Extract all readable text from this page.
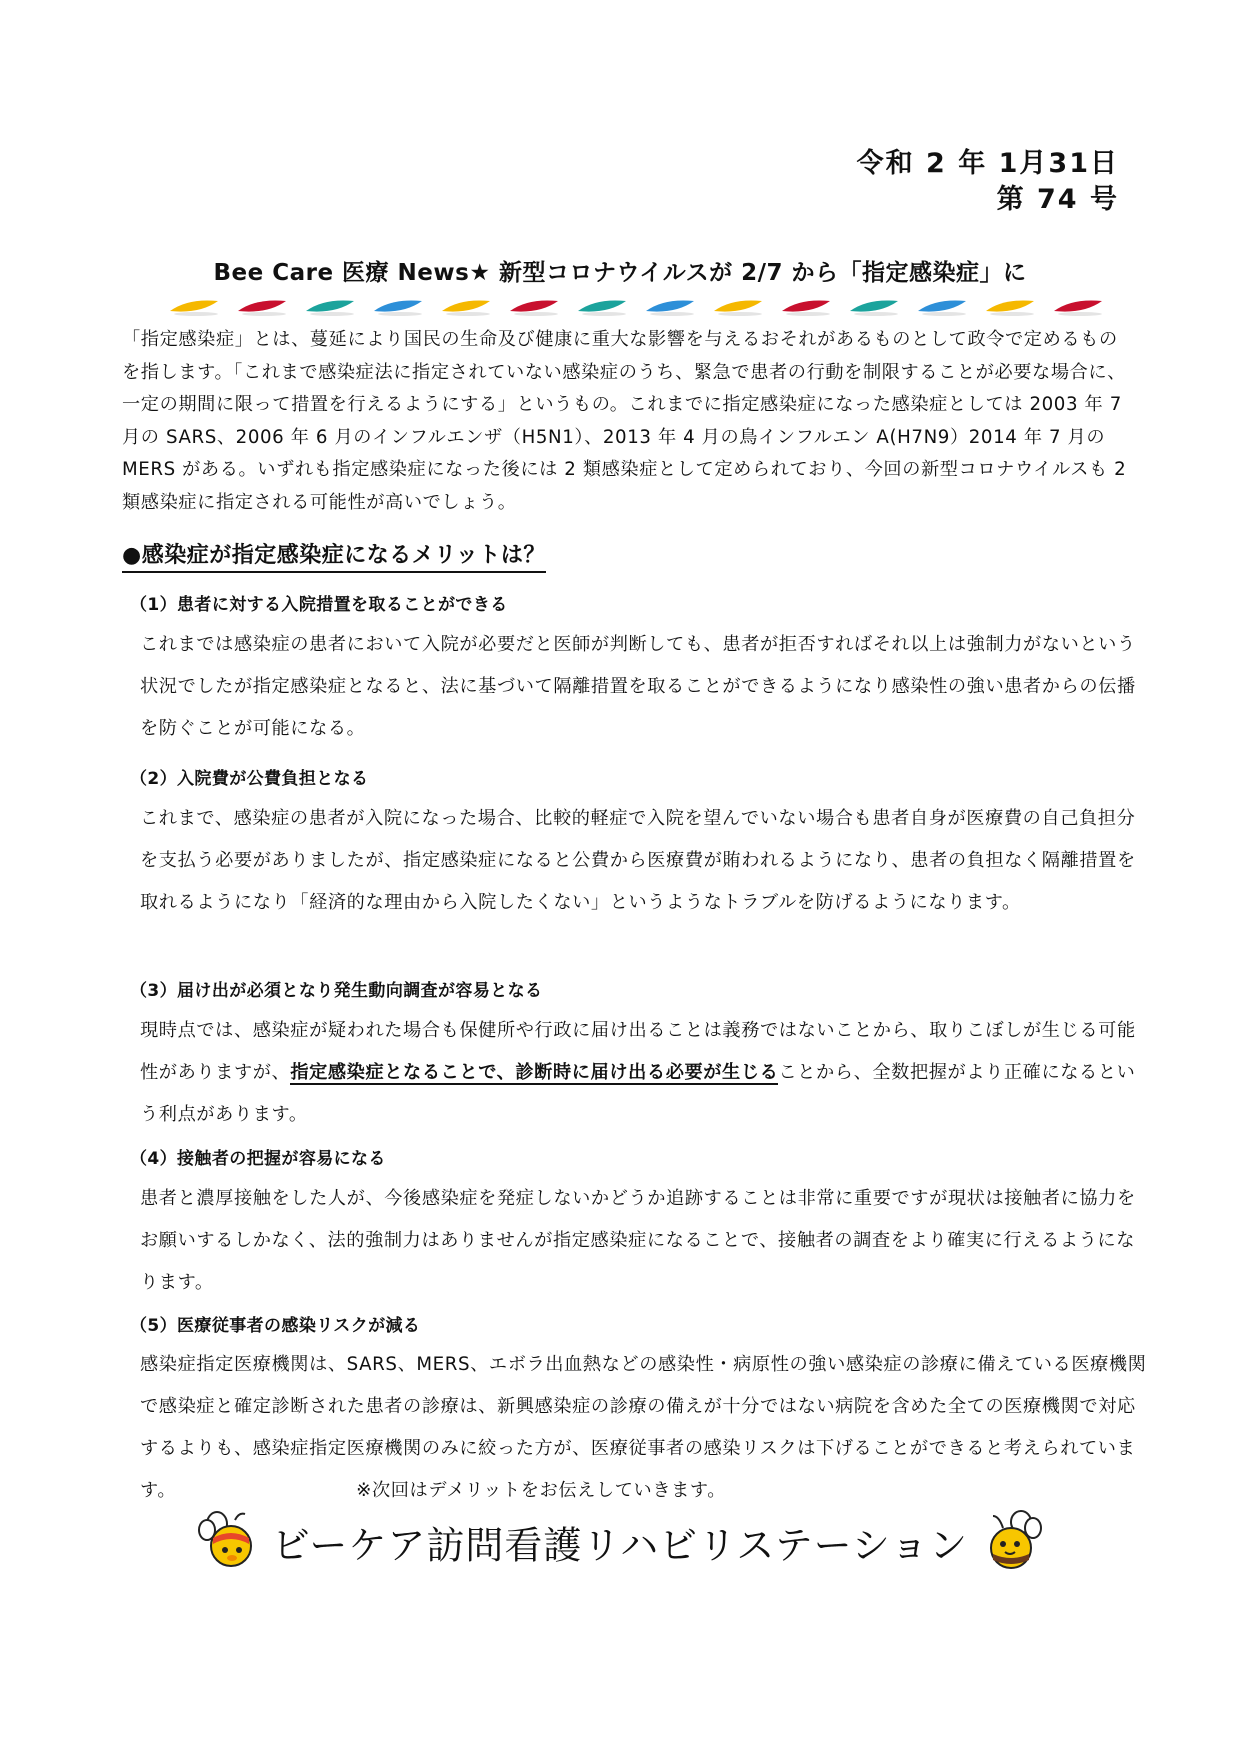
令和 2 年 1月31日
第 74 号
Bee Care 医療 News★ 新型コロナウイルスが 2/7 から「指定感染症」に

「指定感染症」とは、蔓延により国民の生命及び健康に重大な影響を与えるおそれがあるものとして政令で定めるものを指します。「これまで感染症法に指定されていない感染症のうち、緊急で患者の行動を制限することが必要な場合に、一定の期間に限って措置を行えるようにする」というもの。これまでに指定感染症になった感染症としては 2003 年 7 月の SARS、2006 年 6 月のインフルエンザ（H5N1）、2013 年 4 月の鳥インフルエン A(H7N9）2014 年 7 月の MERS がある。いずれも指定感染症になった後には 2 類感染症として定められており、今回の新型コロナウイルスも 2 類感染症に指定される可能性が高いでしょう。

●感染症が指定感染症になるメリットは？
（1）患者に対する入院措置を取ることができる

これまでは感染症の患者において入院が必要だと医師が判断しても、患者が拒否すればそれ以上は強制力がないという状況でしたが指定感染症となると、法に基づいて隔離措置を取ることができるようになり感染性の強い患者からの伝播を防ぐことが可能になる。

（2）入院費が公費負担となる

これまで、感染症の患者が入院になった場合、比較的軽症で入院を望んでいない場合も患者自身が医療費の自己負担分を支払う必要がありましたが、指定感染症になると公費から医療費が賄われるようになり、患者の負担なく隔離措置を取れるようになり「経済的な理由から入院したくない」というようなトラブルを防げるようになります。

（3）届け出が必須となり発生動向調査が容易となる

現時点では、感染症が疑われた場合も保健所や行政に届け出ることは義務ではないことから、取りこぼしが生じる可能性がありますが、指定感染症となることで、診断時に届け出る必要が生じることから、全数把握がより正確になるという利点があります。

（4）接触者の把握が容易になる

患者と濃厚接触をした人が、今後感染症を発症しないかどうか追跡することは非常に重要ですが現状は接触者に協力をお願いするしかなく、法的強制力はありませんが指定感染症になることで、接触者の調査をより確実に行えるようになります。

（5）医療従事者の感染リスクが減る

感染症指定医療機関は、SARS、MERS、エボラ出血熱などの感染性・病原性の強い感染症の診療に備えている医療機関で感染症と確定診断された患者の診療は、新興感染症の診療の備えが十分ではない病院を含めた全ての医療機関で対応するよりも、感染症指定医療機関のみに絞った方が、医療従事者の感染リスクは下げることができると考えられています。	※次回はデメリットをお伝えしていきます。

ビーケア訪問看護リハビリステーション
